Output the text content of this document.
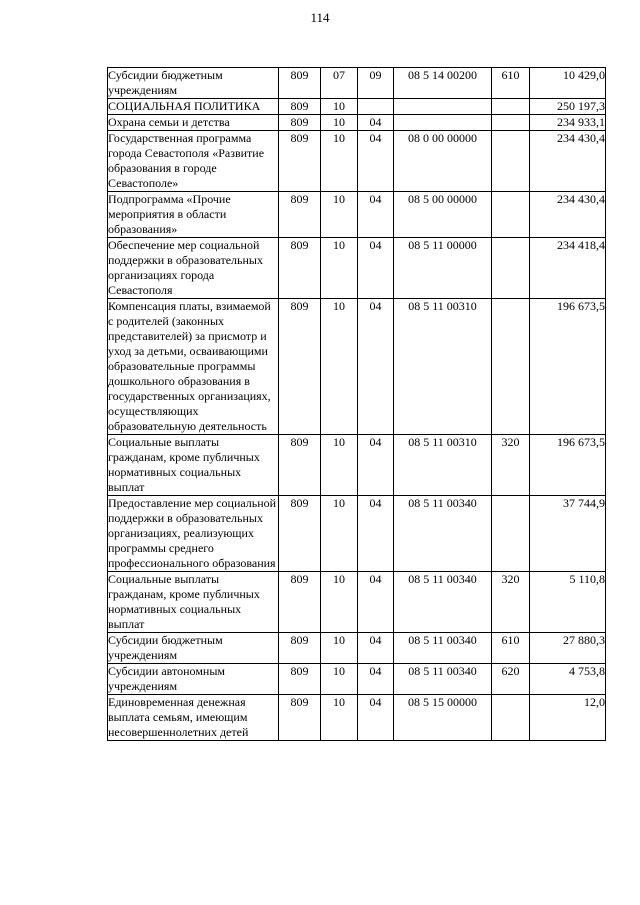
114
Субсидии бюджетным учреждениям	809	07	09	08 5 14 00200	610	10 429,0
СОЦИАЛЬНАЯ ПОЛИТИКА	809	10				250 197,3
Охрана семьи и детства	809	10	04			234 933,1
Государственная программа города Севастополя «Развитие образования в городе Севастополе»	809	10	04	08 0 00 00000		234 430,4
Подпрограмма «Прочие мероприятия в области образования»	809	10	04	08 5 00 00000		234 430,4
Обеспечение мер социальной поддержки в образовательных организациях города Севастополя	809	10	04	08 5 11 00000		234 418,4
Компенсация платы, взимаемой с родителей (законных представителей) за присмотр и уход за детьми, осваивающими образовательные программы дошкольного образования в государственных организациях, осуществляющих образовательную деятельность	809	10	04	08 5 11 00310		196 673,5
Социальные выплаты гражданам, кроме публичных нормативных социальных выплат	809	10	04	08 5 11 00310	320	196 673,5
Предоставление мер социальной поддержки в образовательных организациях, реализующих программы среднего профессионального образования	809	10	04	08 5 11 00340		37 744,9
Социальные выплаты гражданам, кроме публичных нормативных социальных выплат	809	10	04	08 5 11 00340	320	5 110,8
Субсидии бюджетным учреждениям	809	10	04	08 5 11 00340	610	27 880,3
Субсидии автономным учреждениям	809	10	04	08 5 11 00340	620	4 753,8
Единовременная денежная выплата семьям, имеющим несовершеннолетних детей	809	10	04	08 5 15 00000		12,0
